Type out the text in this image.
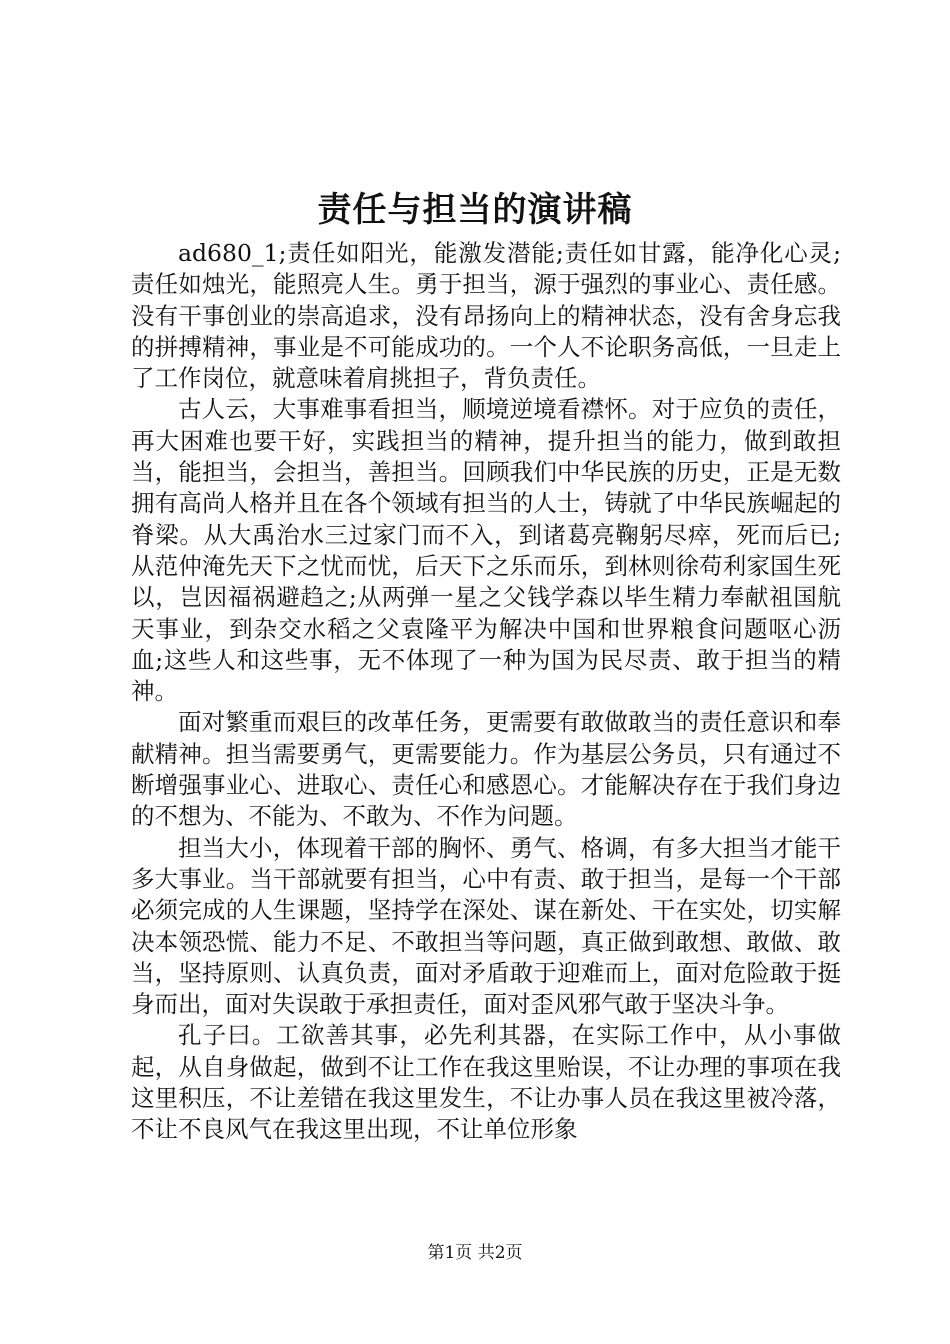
责任与担当的演讲稿

ad680_1;责任如阳光，能激发潜能;责任如甘露，能净化心灵;责任如烛光，能照亮人生。勇于担当，源于强烈的事业心、责任感。没有干事创业的崇高追求，没有昂扬向上的精神状态，没有舍身忘我的拼搏精神，事业是不可能成功的。一个人不论职务高低，一旦走上了工作岗位，就意味着肩挑担子，背负责任。

古人云，大事难事看担当，顺境逆境看襟怀。对于应负的责任，再大困难也要干好，实践担当的精神，提升担当的能力，做到敢担当，能担当，会担当，善担当。回顾我们中华民族的历史，正是无数拥有高尚人格并且在各个领域有担当的人士，铸就了中华民族崛起的脊梁。从大禹治水三过家门而不入，到诸葛亮鞠躬尽瘁，死而后已;从范仲淹先天下之忧而忧，后天下之乐而乐，到林则徐苟利家国生死以，岂因福祸避趋之;从两弹一星之父钱学森以毕生精力奉献祖国航天事业，到杂交水稻之父袁隆平为解决中国和世界粮食问题呕心沥血;这些人和这些事，无不体现了一种为国为民尽责、敢于担当的精神。

面对繁重而艰巨的改革任务，更需要有敢做敢当的责任意识和奉献精神。担当需要勇气，更需要能力。作为基层公务员，只有通过不断增强事业心、进取心、责任心和感恩心。才能解决存在于我们身边的不想为、不能为、不敢为、不作为问题。

担当大小，体现着干部的胸怀、勇气、格调，有多大担当才能干多大事业。当干部就要有担当，心中有责、敢于担当，是每一个干部必须完成的人生课题，坚持学在深处、谋在新处、干在实处，切实解决本领恐慌、能力不足、不敢担当等问题，真正做到敢想、敢做、敢当，坚持原则、认真负责，面对矛盾敢于迎难而上，面对危险敢于挺身而出，面对失误敢于承担责任，面对歪风邪气敢于坚决斗争。

孔子曰。工欲善其事，必先利其器，在实际工作中，从小事做起，从自身做起，做到不让工作在我这里贻误，不让办理的事项在我这里积压，不让差错在我这里发生，不让办事人员在我这里被冷落，不让不良风气在我这里出现，不让单位形象

第1页 共2页
